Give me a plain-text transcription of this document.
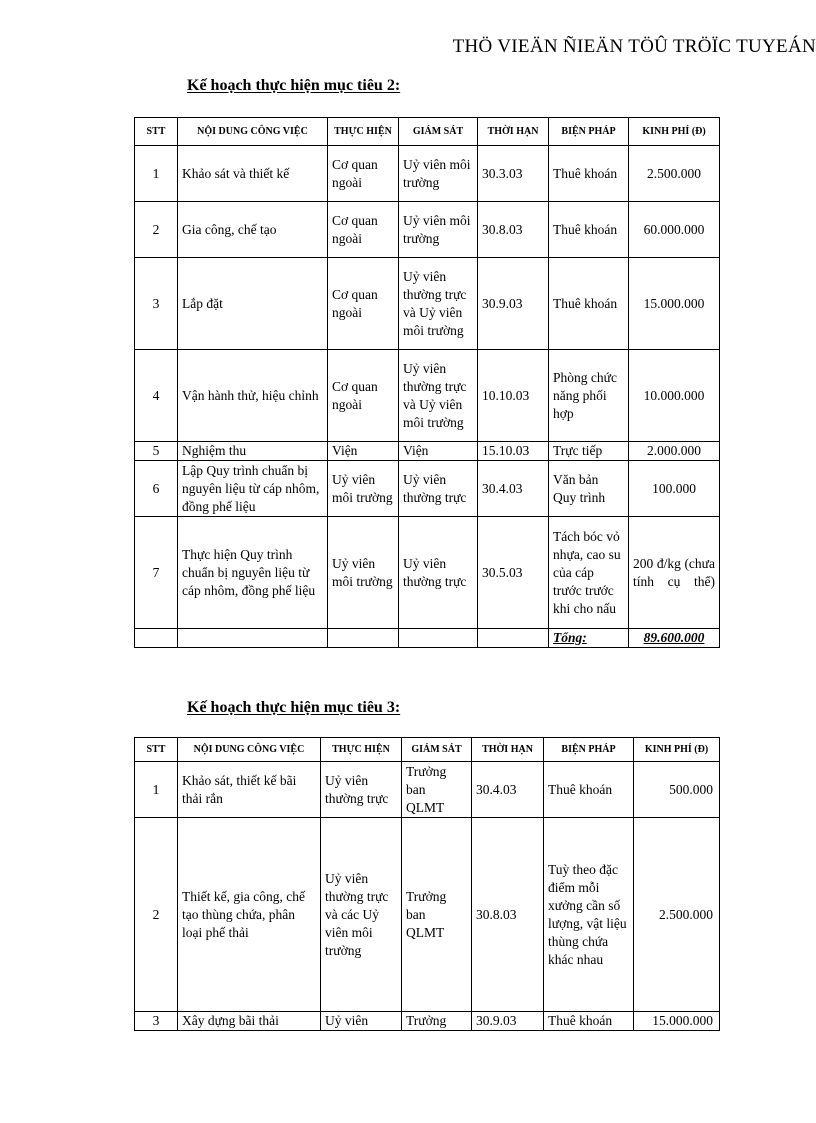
THÖ VIEÄN ÑIEÄN TÖÛ TRÖÏC TUYEÁN
Kế hoạch thực hiện mục tiêu 2:
STT	NỘI DUNG CÔNG VIỆC	THỰC HIỆN	GIÁM SÁT	THỜI HẠN	BIỆN PHÁP	KINH PHÍ (Đ)
1	Khảo sát và thiết kế	Cơ quan ngoài	Uỷ viên môi trường	30.3.03	Thuê khoán	2.500.000
2	Gia công, chế tạo	Cơ quan ngoài	Uỷ viên môi trường	30.8.03	Thuê khoán	60.000.000
3	Lắp đặt	Cơ quan ngoài	Uỷ viên thường trực và Uỷ viên môi trường	30.9.03	Thuê khoán	15.000.000
4	Vận hành thử, hiệu chỉnh	Cơ quan ngoài	Uỷ viên thường trực và Uỷ viên môi trường	10.10.03	Phòng chức năng phối hợp	10.000.000
5	Nghiệm thu	Viện	Viện	15.10.03	Trực tiếp	2.000.000
6	Lập Quy trình chuẩn bị nguyên liệu từ cáp nhôm, đồng phế liệu	Uỷ viên môi trường	Uỷ viên thường trực	30.4.03	Văn bản Quy trình	100.000
7	Thực hiện Quy trình chuẩn bị nguyên liệu từ cáp nhôm, đồng phế liệu	Uỷ viên môi trường	Uỷ viên thường trực	30.5.03	Tách bóc vỏ nhựa, cao su của cáp trước trước khi cho nấu	200 đ/kg (chưa tính cụ thể)
					Tổng:	89.600.000
Kế hoạch thực hiện mục tiêu 3:
STT	NỘI DUNG CÔNG VIỆC	THỰC HIỆN	GIÁM SÁT	THỜI HẠN	BIỆN PHÁP	KINH PHÍ (Đ)
1	Khảo sát, thiết kế bãi thải rắn	Uỷ viên thường trực	Trưởng ban QLMT	30.4.03	Thuê khoán	500.000
2	Thiết kế, gia công, chế tạo thùng chứa, phân loại phế thải	Uỷ viên thường trực và các Uỷ viên môi trường	Trưởng ban QLMT	30.8.03	Tuỳ theo đặc điểm mỗi xưởng cần số lượng, vật liệu thùng chứa khác nhau	2.500.000
3	Xây dựng bãi thải	Uỷ viên	Trưởng	30.9.03	Thuê khoán	15.000.000
